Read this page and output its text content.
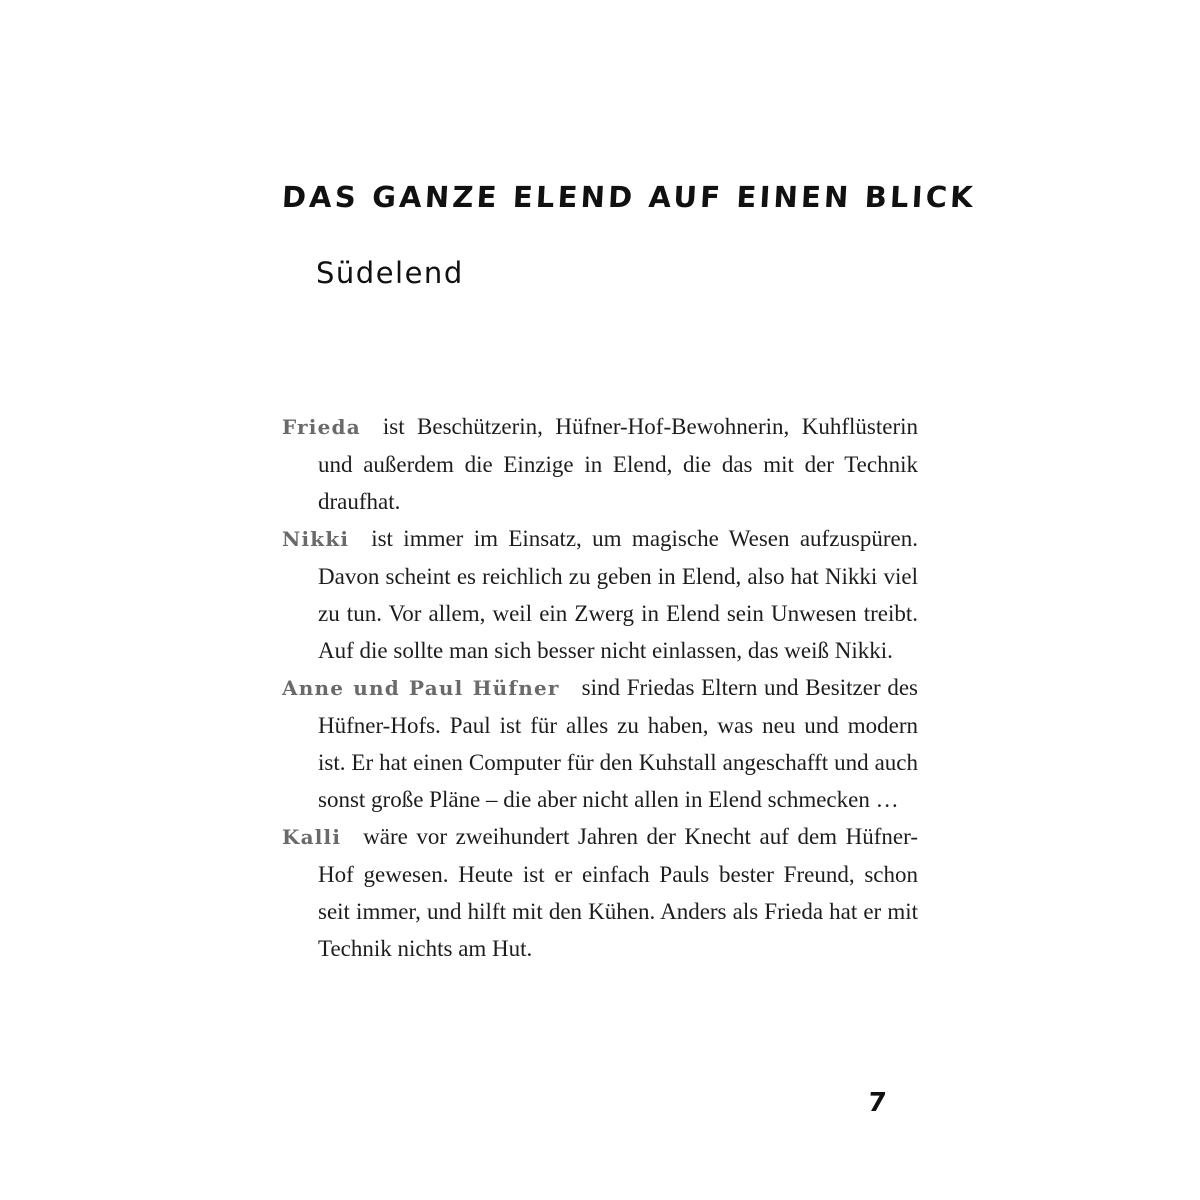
DAS GANZE ELEND AUF EINEN BLICK
Südelend

Frieda ist Beschützerin, Hüfner-Hof-Bewohnerin, Kuhflüsterin und außerdem die Einzige in Elend, die das mit der Technik draufhat.

Nikki ist immer im Einsatz, um magische Wesen aufzuspüren. Davon scheint es reichlich zu geben in Elend, also hat Nikki viel zu tun. Vor allem, weil ein Zwerg in Elend sein Unwesen treibt. Auf die sollte man sich besser nicht einlassen, das weiß Nikki.

Anne und Paul Hüfner sind Friedas Eltern und Besitzer des Hüfner-Hofs. Paul ist für alles zu haben, was neu und modern ist. Er hat einen Computer für den Kuhstall angeschafft und auch sonst große Pläne – die aber nicht allen in Elend schmecken …

Kalli wäre vor zweihundert Jahren der Knecht auf dem Hüfner-Hof gewesen. Heute ist er einfach Pauls bester Freund, schon seit immer, und hilft mit den Kühen. Anders als Frieda hat er mit Technik nichts am Hut.

7
